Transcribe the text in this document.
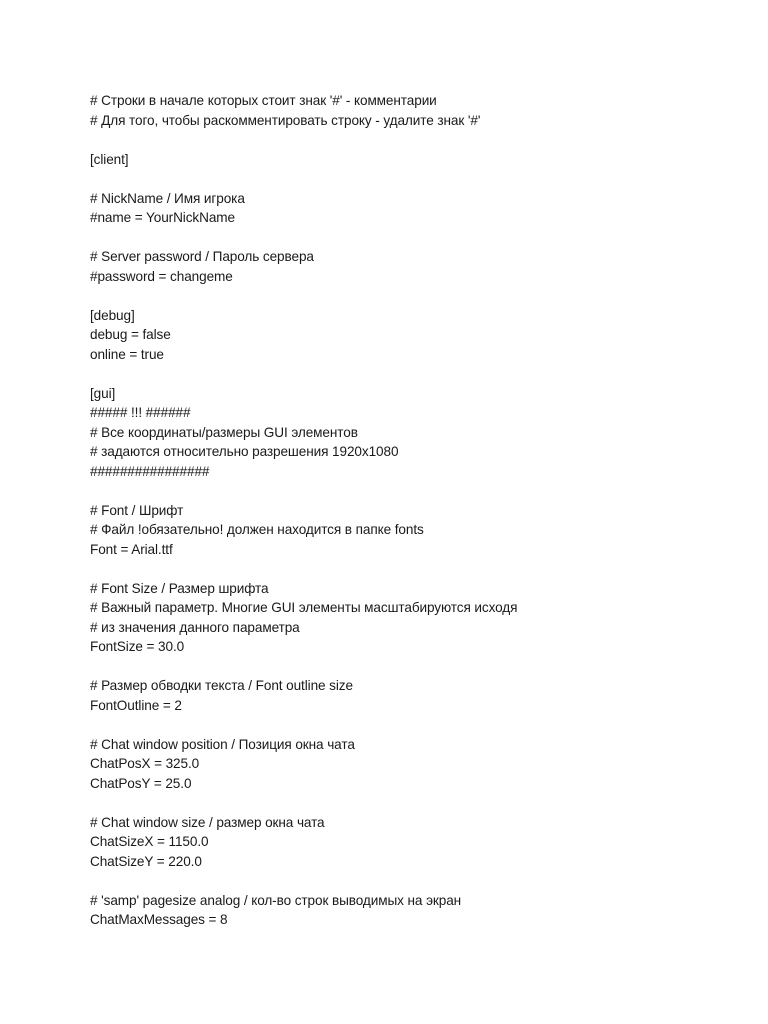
# Строки в начале которых стоит знак '#' - комментарии
# Для того, чтобы раскомментировать строку - удалите знак '#'
[client]
# NickName / Имя игрока
#name = YourNickName
# Server password / Пароль сервера
#password = changeme
[debug]
debug = false
online = true
[gui]
##### !!! ######
# Все координаты/размеры GUI элементов
# задаются относительно разрешения 1920x1080
################
# Font / Шрифт
# Файл !обязательно! должен находится в папке fonts
Font = Arial.ttf
# Font Size / Размер шрифта
# Важный параметр. Многие GUI элементы масштабируются исходя
# из значения данного параметра
FontSize = 30.0
# Размер обводки текста / Font outline size
FontOutline = 2
# Chat window position / Позиция окна чата
ChatPosX = 325.0
ChatPosY = 25.0
# Chat window size / размер окна чата
ChatSizeX = 1150.0
ChatSizeY = 220.0
# 'samp' pagesize analog / кол-во строк выводимых на экран
ChatMaxMessages = 8
